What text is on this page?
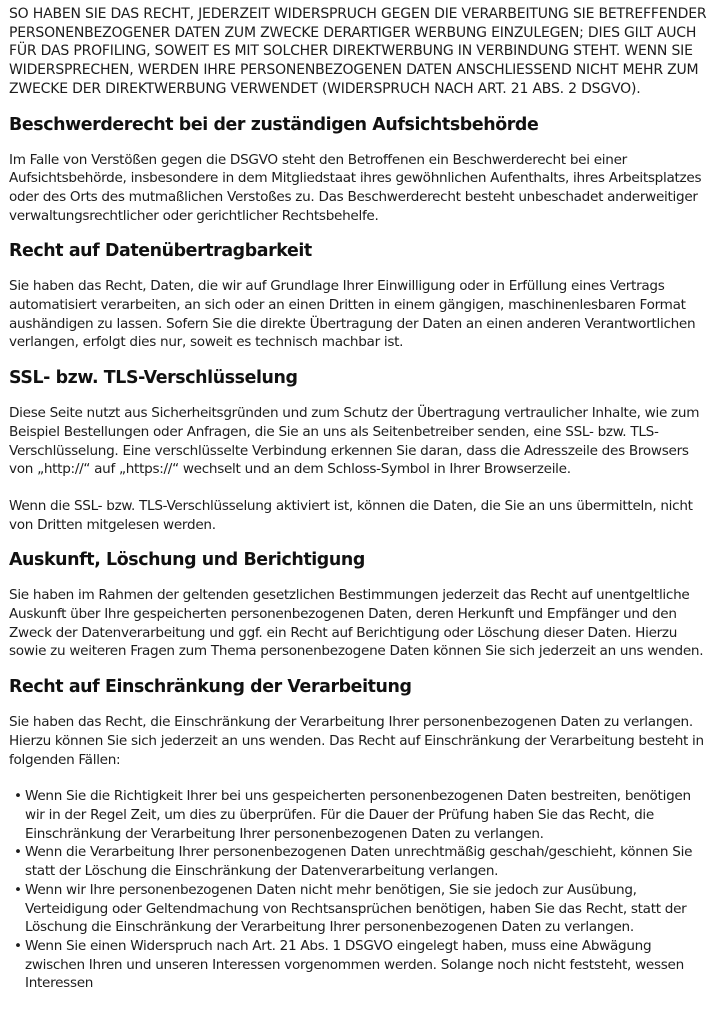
SO HABEN SIE DAS RECHT, JEDERZEIT WIDERSPRUCH GEGEN DIE VERARBEITUNG SIE BETREFFENDER PERSONENBEZOGENER DATEN ZUM ZWECKE DERARTIGER WERBUNG EINZULEGEN; DIES GILT AUCH FÜR DAS PROFILING, SOWEIT ES MIT SOLCHER DIREKTWERBUNG IN VERBINDUNG STEHT. WENN SIE WIDERSPRECHEN, WERDEN IHRE PERSONENBEZOGENEN DATEN ANSCHLIESSEND NICHT MEHR ZUM ZWECKE DER DIREKTWERBUNG VERWENDET (WIDERSPRUCH NACH ART. 21 ABS. 2 DSGVO).

Beschwerderecht bei der zuständigen Aufsichtsbehörde

Im Falle von Verstößen gegen die DSGVO steht den Betroffenen ein Beschwerderecht bei einer Aufsichtsbehörde, insbesondere in dem Mitgliedstaat ihres gewöhnlichen Aufenthalts, ihres Arbeitsplatzes oder des Orts des mutmaßlichen Verstoßes zu. Das Beschwerderecht besteht unbeschadet anderweitiger verwaltungsrechtlicher oder gerichtlicher Rechtsbehelfe.

Recht auf Datenübertragbarkeit

Sie haben das Recht, Daten, die wir auf Grundlage Ihrer Einwilligung oder in Erfüllung eines Vertrags automatisiert verarbeiten, an sich oder an einen Dritten in einem gängigen, maschinenlesbaren Format aushändigen zu lassen. Sofern Sie die direkte Übertragung der Daten an einen anderen Verantwortlichen verlangen, erfolgt dies nur, soweit es technisch machbar ist.

SSL- bzw. TLS-Verschlüsselung

Diese Seite nutzt aus Sicherheitsgründen und zum Schutz der Übertragung vertraulicher Inhalte, wie zum Beispiel Bestellungen oder Anfragen, die Sie an uns als Seitenbetreiber senden, eine SSL- bzw. TLS-Verschlüsselung. Eine verschlüsselte Verbindung erkennen Sie daran, dass die Adresszeile des Browsers von „http://“ auf „https://“ wechselt und an dem Schloss-Symbol in Ihrer Browserzeile.

Wenn die SSL- bzw. TLS-Verschlüsselung aktiviert ist, können die Daten, die Sie an uns übermitteln, nicht von Dritten mitgelesen werden.

Auskunft, Löschung und Berichtigung

Sie haben im Rahmen der geltenden gesetzlichen Bestimmungen jederzeit das Recht auf unentgeltliche Auskunft über Ihre gespeicherten personenbezogenen Daten, deren Herkunft und Empfänger und den Zweck der Datenverarbeitung und ggf. ein Recht auf Berichtigung oder Löschung dieser Daten. Hierzu sowie zu weiteren Fragen zum Thema personenbezogene Daten können Sie sich jederzeit an uns wenden.

Recht auf Einschränkung der Verarbeitung

Sie haben das Recht, die Einschränkung der Verarbeitung Ihrer personenbezogenen Daten zu verlangen. Hierzu können Sie sich jederzeit an uns wenden. Das Recht auf Einschränkung der Verarbeitung besteht in folgenden Fällen:

• Wenn Sie die Richtigkeit Ihrer bei uns gespeicherten personenbezogenen Daten bestreiten, benötigen wir in der Regel Zeit, um dies zu überprüfen. Für die Dauer der Prüfung haben Sie das Recht, die Einschränkung der Verarbeitung Ihrer personenbezogenen Daten zu verlangen.
• Wenn die Verarbeitung Ihrer personenbezogenen Daten unrechtmäßig geschah/geschieht, können Sie statt der Löschung die Einschränkung der Datenverarbeitung verlangen.
• Wenn wir Ihre personenbezogenen Daten nicht mehr benötigen, Sie sie jedoch zur Ausübung, Verteidigung oder Geltendmachung von Rechtsansprüchen benötigen, haben Sie das Recht, statt der Löschung die Einschränkung der Verarbeitung Ihrer personenbezogenen Daten zu verlangen.
• Wenn Sie einen Widerspruch nach Art. 21 Abs. 1 DSGVO eingelegt haben, muss eine Abwägung zwischen Ihren und unseren Interessen vorgenommen werden. Solange noch nicht feststeht, wessen Interessen
